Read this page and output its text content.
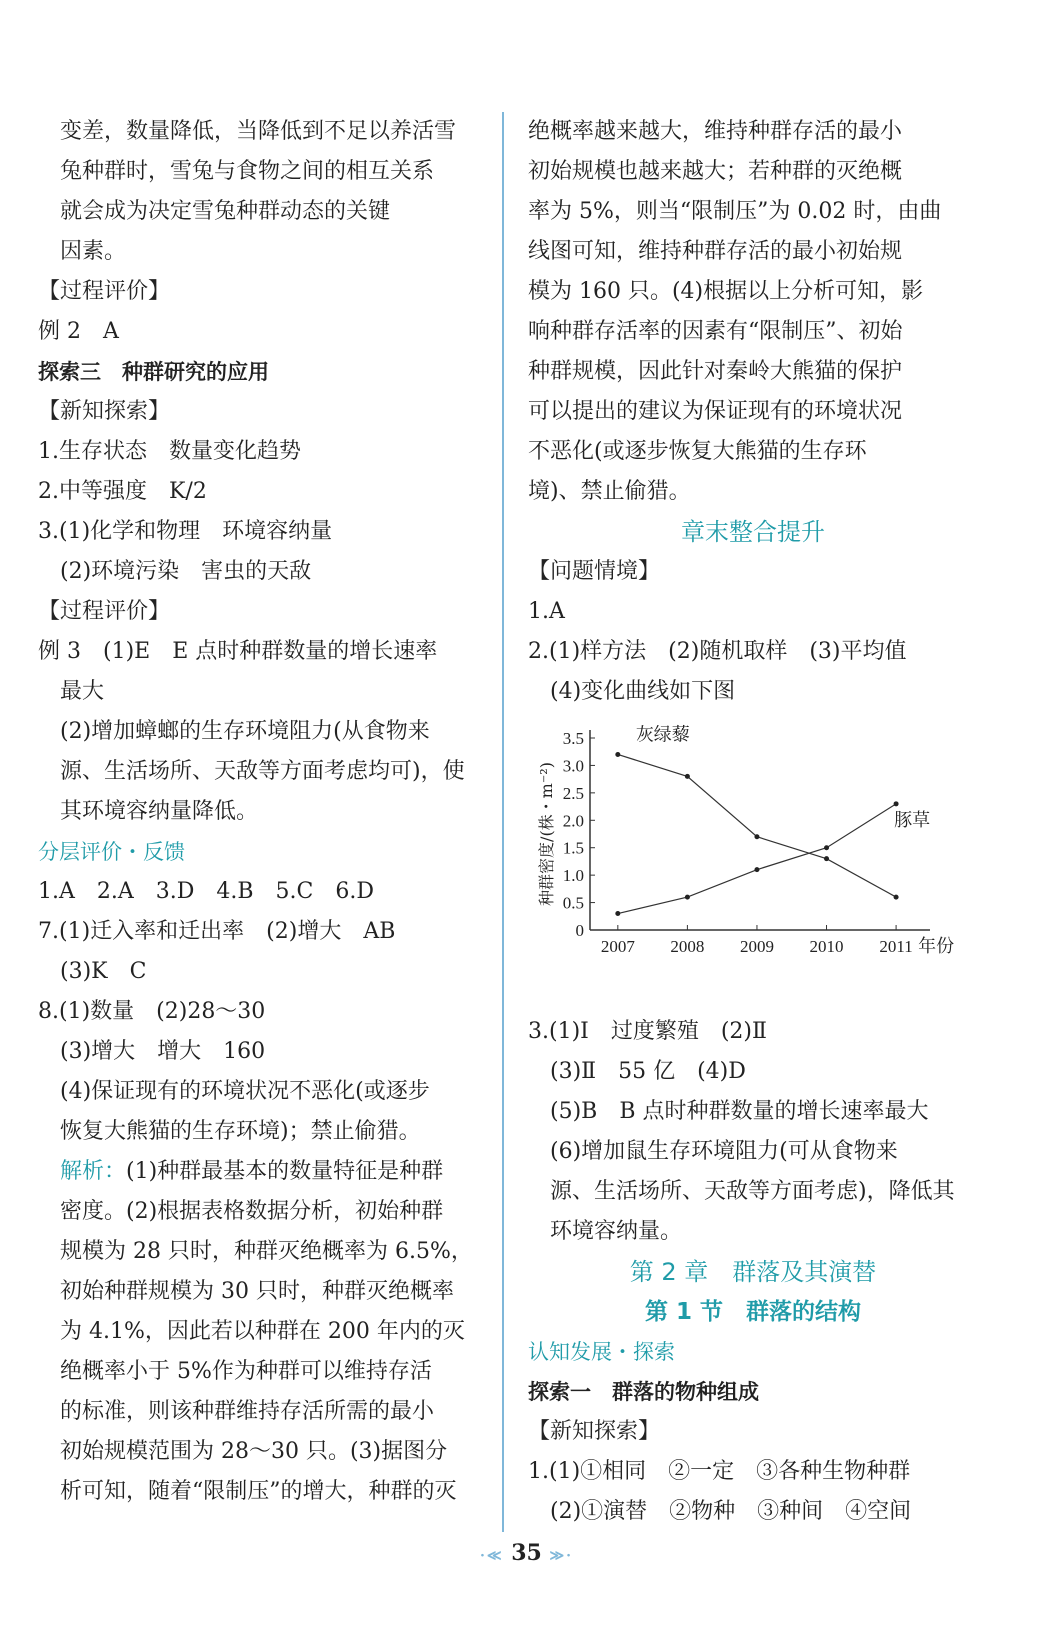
变差，数量降低，当降低到不足以养活雪
兔种群时，雪兔与食物之间的相互关系
就会成为决定雪兔种群动态的关键
因素。
【过程评价】
例 2　A
探索三　种群研究的应用
【新知探索】
1.生存状态　数量变化趋势
2.中等强度　K/2
3.(1)化学和物理　环境容纳量
(2)环境污染　害虫的天敌
【过程评价】
例 3　(1)E　E 点时种群数量的增长速率
最大
(2)增加蟑螂的生存环境阻力(从食物来
源、生活场所、天敌等方面考虑均可)，使
其环境容纳量降低。
分层评价・反馈
1.A　2.A　3.D　4.B　5.C　6.D
7.(1)迁入率和迁出率　(2)增大　AB
(3)K　C
8.(1)数量　(2)28～30
(3)增大　增大　160
(4)保证现有的环境状况不恶化(或逐步
恢复大熊猫的生存环境)；禁止偷猎。
解析：(1)种群最基本的数量特征是种群
密度。(2)根据表格数据分析，初始种群
规模为 28 只时，种群灭绝概率为 6.5%，
初始种群规模为 30 只时，种群灭绝概率
为 4.1%，因此若以种群在 200 年内的灭
绝概率小于 5%作为种群可以维持存活
的标准，则该种群维持存活所需的最小
初始规模范围为 28～30 只。(3)据图分
析可知，随着“限制压”的增大，种群的灭
绝概率越来越大，维持种群存活的最小
初始规模也越来越大；若种群的灭绝概
率为 5%，则当“限制压”为 0.02 时，由曲
线图可知，维持种群存活的最小初始规
模为 160 只。(4)根据以上分析可知，影
响种群存活率的因素有“限制压”、初始
种群规模，因此针对秦岭大熊猫的保护
可以提出的建议为保证现有的环境状况
不恶化(或逐步恢复大熊猫的生存环
境)、禁止偷猎。
章末整合提升
【问题情境】
1.A
2.(1)样方法　(2)随机取样　(3)平均值
(4)变化曲线如下图
0
0.5
1.0
1.5
2.0
2.5
3.0
3.5
2007 2008 2009 2010 2011 年份
种群密度/(株・m⁻²)
灰绿藜
豚草
3.(1)Ⅰ　过度繁殖　(2)Ⅱ
(3)Ⅱ　55 亿　(4)D
(5)B　B 点时种群数量的增长速率最大
(6)增加鼠生存环境阻力(可从食物来
源、生活场所、天敌等方面考虑)，降低其
环境容纳量。
第 2 章　群落及其演替
第 1 节　群落的结构
认知发展・探索
探索一　群落的物种组成
【新知探索】
1.(1)①相同　②一定　③各种生物种群
(2)①演替　②物种　③种间　④空间
·≪ 35 ≫·
